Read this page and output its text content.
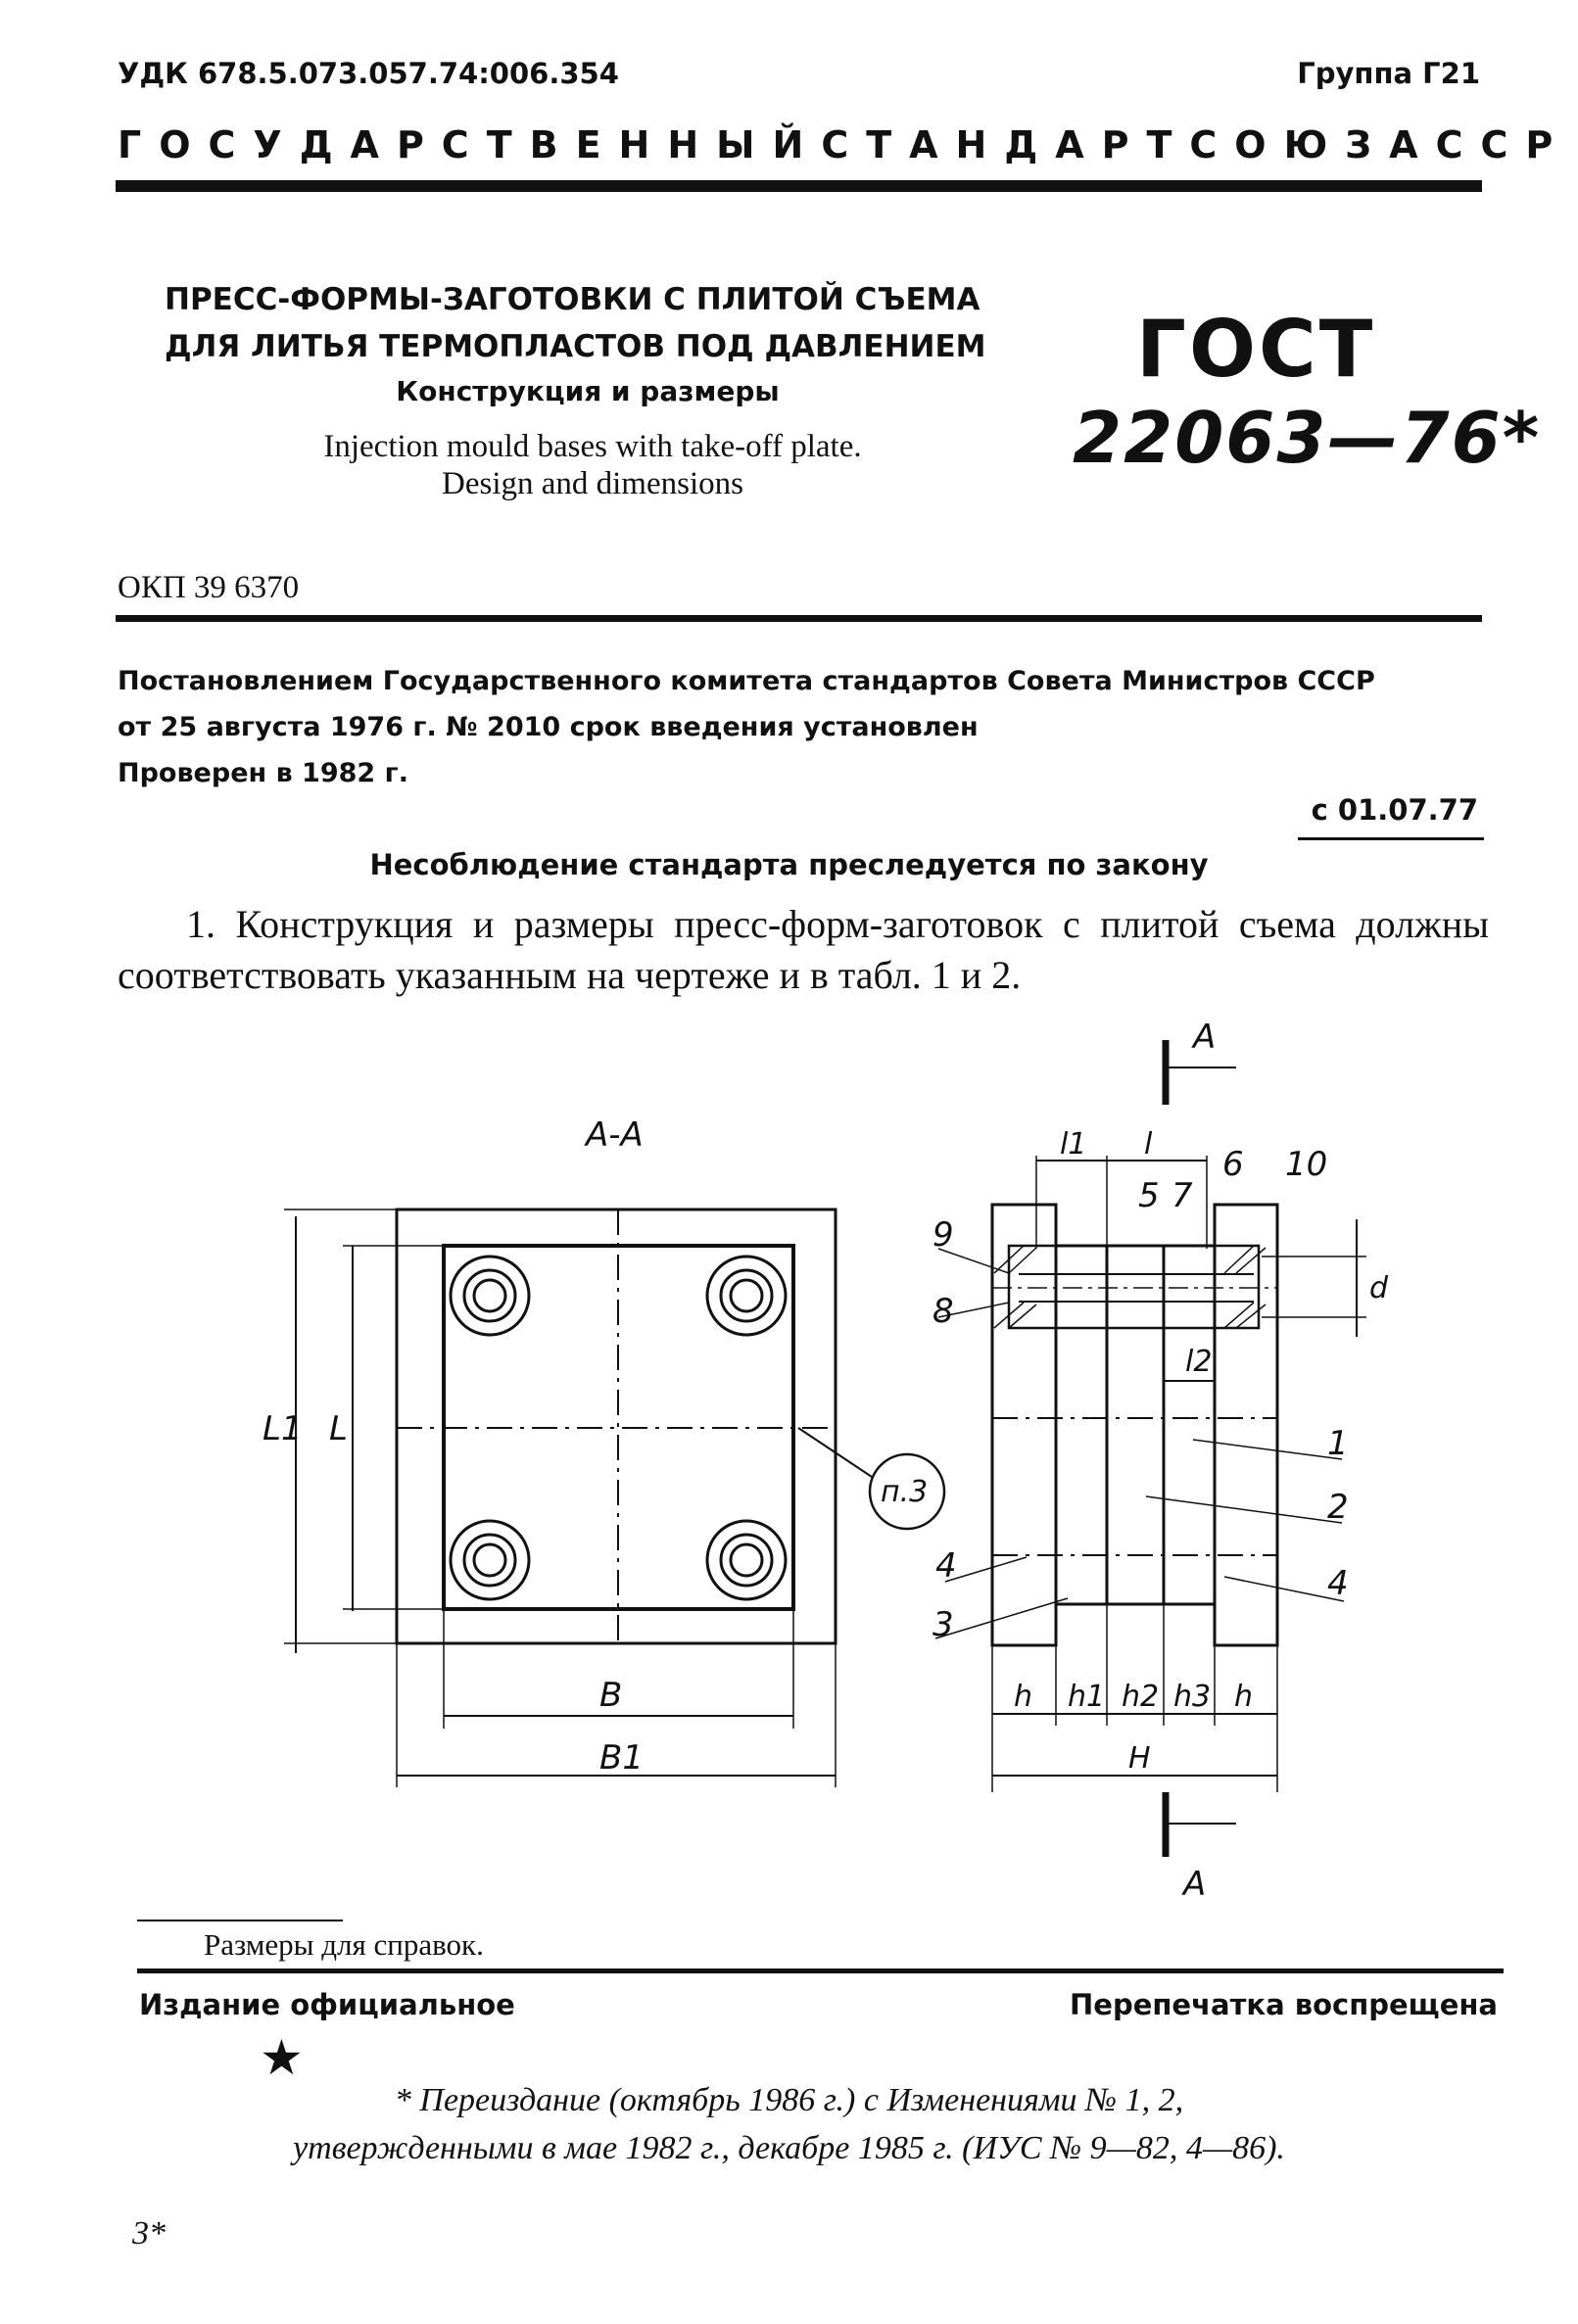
УДК 678.5.073.057.74:006.354	Группа Г21
ГОСУДАРСТВЕННЫЙ СТАНДАРТ СОЮЗА ССР
ПРЕСС-ФОРМЫ-ЗАГОТОВКИ С ПЛИТОЙ СЪЕМА
ДЛЯ ЛИТЬЯ ТЕРМОПЛАСТОВ ПОД ДАВЛЕНИЕМ
Конструкция и размеры
Injection mould bases with take-off plate.
Design and dimensions
ГОСТ
22063—76*
ОКП 39 6370
Постановлением Государственного комитета стандартов Совета Министров СССР
от 25 августа 1976 г. № 2010 срок введения установлен
Проверен в 1982 г.
с 01.07.77
Несоблюдение стандарта преследуется по закону
1. Конструкция и размеры пресс-форм-заготовок с плитой съема должны соответствовать указанным на чертеже и в табл. 1 и 2.
А-А
А
А
B
B1
L
L1
п.3
l1 l
l2
d
h h1 h2 h3 h
H
1
2
3
4	4
5
6
7
8
9
10
Размеры для справок.
Издание официальное	Перепечатка воспрещена
★
* Переиздание (октябрь 1986 г.) с Изменениями № 1, 2,
утвержденными в мае 1982 г., декабре 1985 г. (ИУС № 9—82, 4—86).
3*
